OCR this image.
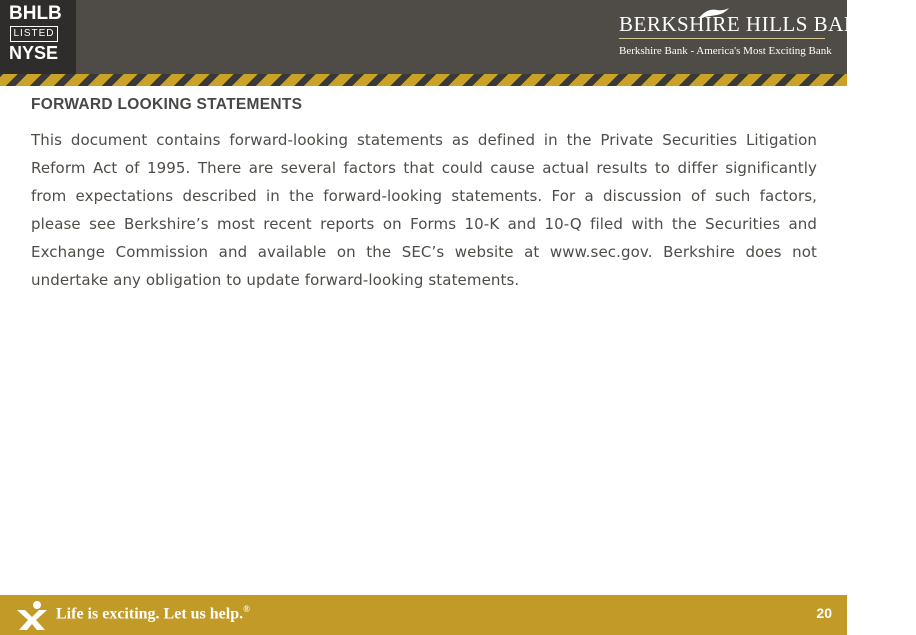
BHLB
LISTED
NYSE
BERKSHIRE HILLS BANCORP
Berkshire Bank - America's Most Exciting Bank
FORWARD LOOKING STATEMENTS

This document contains forward-looking statements as defined in the Private Securities Litigation Reform Act of 1995. There are several factors that could cause actual results to differ significantly from expectations described in the forward-looking statements. For a discussion of such factors, please see Berkshire’s most recent reports on Forms 10-K and 10-Q filed with the Securities and Exchange Commission and available on the SEC’s website at www.sec.gov. Berkshire does not undertake any obligation to update forward-looking statements.

Life is exciting. Let us help.®	20
